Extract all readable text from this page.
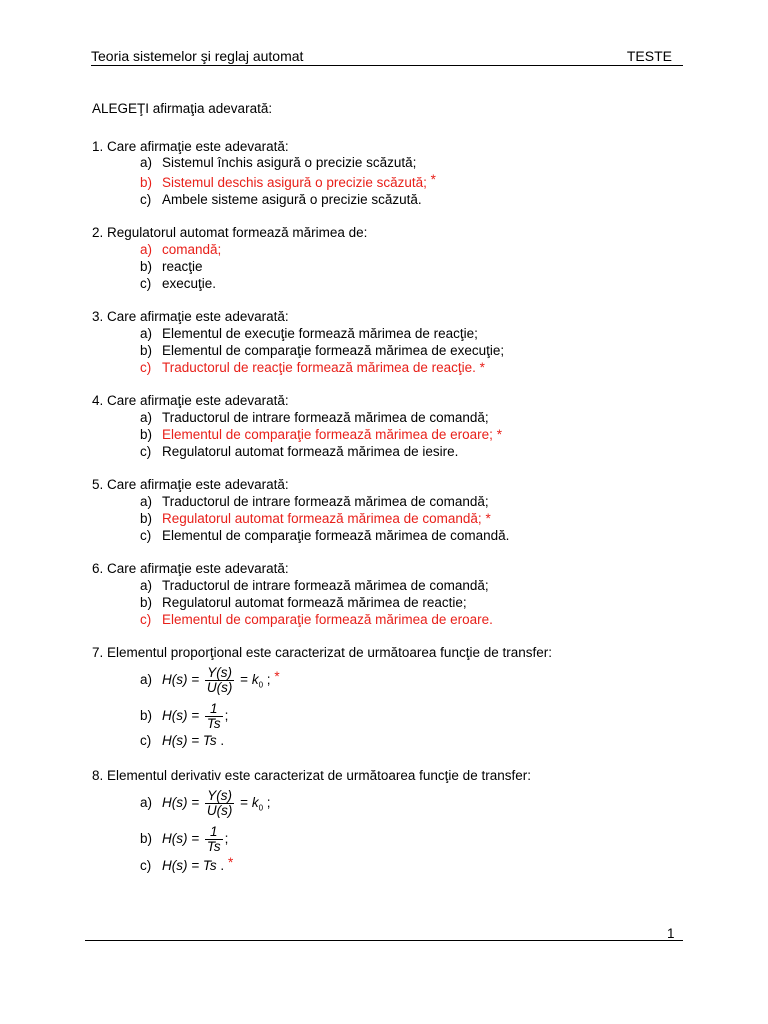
Teoria sistemelor şi reglaj automat	TESTE
ALEGEŢI afirmaţia adevarată:
1. Care afirmaţie este adevarată:
a) Sistemul închis asigură o precizie scăzută;
b) Sistemul deschis asigură o precizie scăzută; *
c) Ambele sisteme asigură o precizie scăzută.
2. Regulatorul automat formează mărimea de:
a) comandă;
b) reacţie
c) execuţie.
3. Care afirmaţie este adevarată:
a) Elementul de execuţie formează mărimea de reacţie;
b) Elementul de comparaţie formează mărimea de execuţie;
c) Traductorul de reacţie formează mărimea de reacţie. *
4. Care afirmaţie este adevarată:
a) Traductorul de intrare formează mărimea de comandă;
b) Elementul de comparaţie formează mărimea de eroare; *
c) Regulatorul automat formează mărimea de iesire.
5. Care afirmaţie este adevarată:
a) Traductorul de intrare formează mărimea de comandă;
b) Regulatorul automat formează mărimea de comandă; *
c) Elementul de comparaţie formează mărimea de comandă.
6. Care afirmaţie este adevarată:
a) Traductorul de intrare formează mărimea de comandă;
b) Regulatorul automat formează mărimea de reactie;
c) Elementul de comparaţie formează mărimea de eroare.
7. Elementul proporţional este caracterizat de următoarea funcţie de transfer:
a) $H(s) = \frac{Y(s)}{U(s)} = k_0$ ; *
b) $H(s) = \frac{1}{Ts}$ ;
c) H(s) = Ts .
8. Elementul derivativ este caracterizat de următoarea funcţie de transfer:
a) $H(s) = \frac{Y(s)}{U(s)} = k_0$ ;
b) $H(s) = \frac{1}{Ts}$ ;
c) H(s) = Ts . *
1
